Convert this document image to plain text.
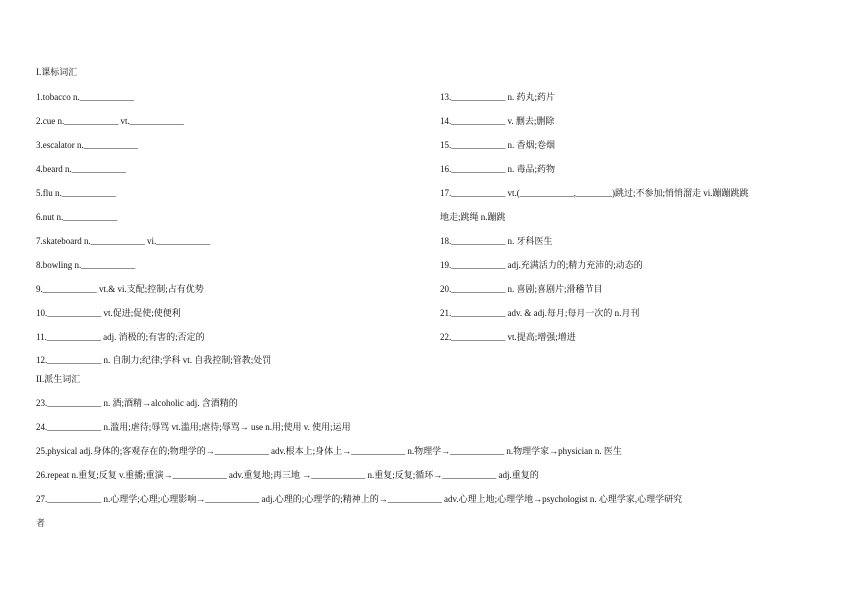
I.课标词汇
1.tobacco n.____________
2.cue n.____________ vt.____________
3.escalator n.____________
4.beard n.____________
5.flu n.____________
6.nut n.____________
7.skateboard n.____________ vi.____________
8.bowling n.____________
9.____________ vt.& vi.支配;控制;占有优势
10.____________ vt.促进;促使;使便利
11.____________ adj. 消极的;有害的;否定的
12.____________ n. 自制力;纪律;学科 vt. 自我控制;管教;处罚
13.____________ n. 药丸;药片
14.____________ v. 删去;删除
15.____________ n. 香烟;卷烟
16.____________ n. 毒品;药物
17.____________ vt.(____________,________)跳过;不参加;悄悄溜走 vi.蹦蹦跳跳
地走;跳绳 n.蹦跳
18.____________ n. 牙科医生
19.____________ adj.充满活力的;精力充沛的;动态的
20.____________ n. 喜剧;喜剧片;滑稽节目
21.____________ adv. & adj.每月;每月一次的 n.月刊
22.____________ vt.提高;增强;增进
II.派生词汇
23.____________ n. 酒;酒精→alcoholic adj. 含酒精的
24.____________ n.滥用;虐待;辱骂 vt.滥用;虐待;辱骂→ use n.用;使用 v. 使用;运用
25.physical adj.身体的;客观存在的;物理学的→____________ adv.根本上;身体上→____________ n.物理学→____________ n.物理学家→physician n. 医生
26.repeat n.重复;反复 v.重播;重演→____________ adv.重复地;再三地 →____________ n.重复;反复;循环→____________ adj.重复的
27.____________ n.心理学;心理;心理影响→____________ adj.心理的;心理学的;精神上的→____________ adv.心理上地;心理学地→psychologist n. 心理学家,心理学研究
者
